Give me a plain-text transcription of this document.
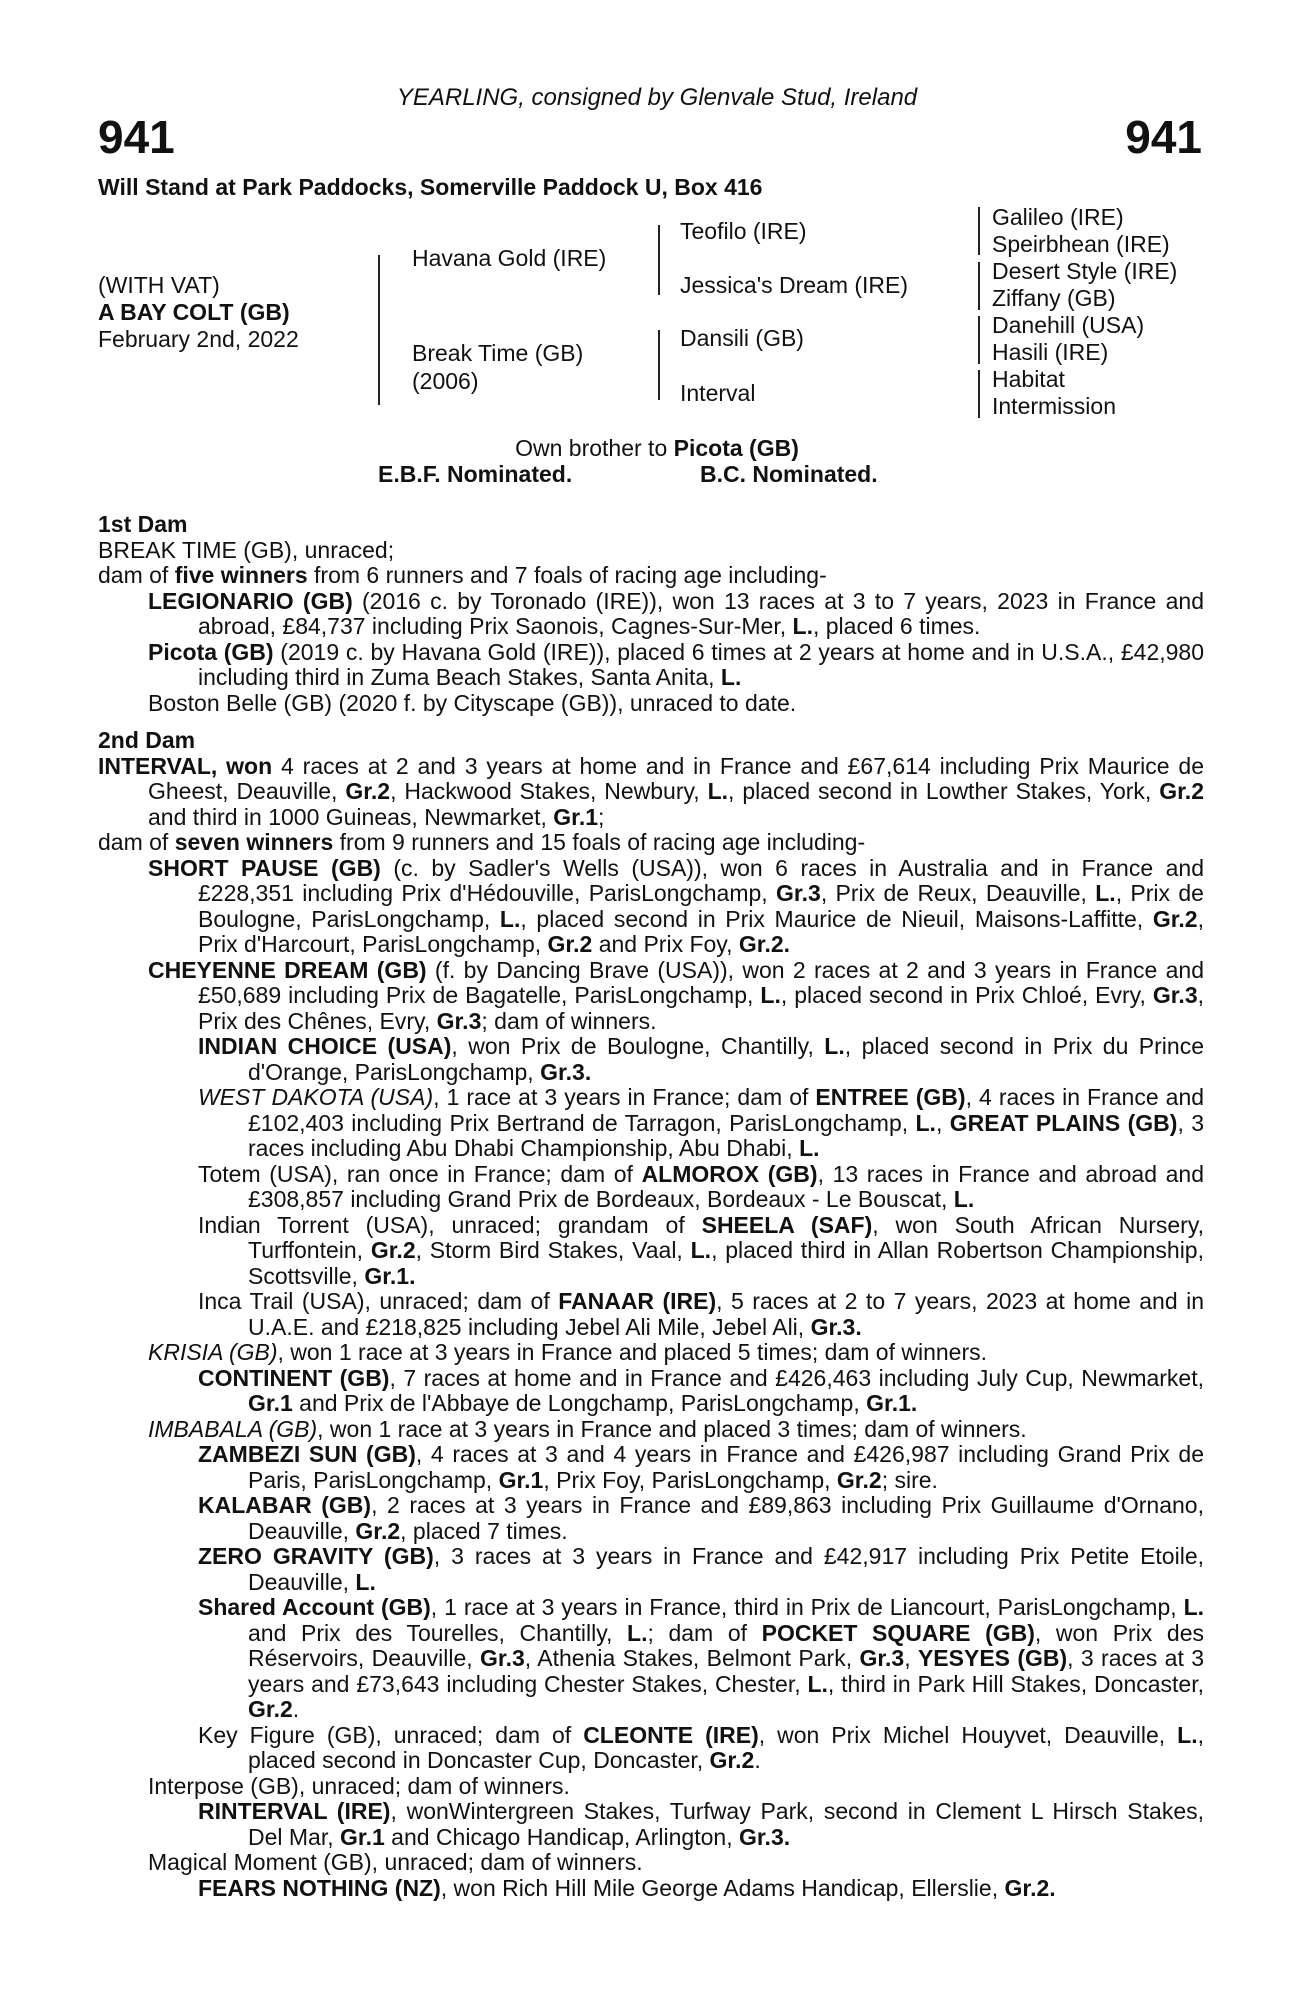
YEARLING, consigned by Glenvale Stud, Ireland
941	941
Will Stand at Park Paddocks, Somerville Paddock U, Box 416
(WITH VAT)
A BAY COLT (GB)
February 2nd, 2022
Havana Gold (IRE)
Break Time (GB)
(2006)
Teofilo (IRE)
Jessica's Dream (IRE)
Dansili (GB)
Interval
Galileo (IRE)
Speirbhean (IRE)
Desert Style (IRE)
Ziffany (GB)
Danehill (USA)
Hasili (IRE)
Habitat
Intermission
Own brother to Picota (GB)
E.B.F. Nominated.	B.C. Nominated.
1st Dam

BREAK TIME (GB), unraced;

dam of five winners from 6 runners and 7 foals of racing age including-

LEGIONARIO (GB) (2016 c. by Toronado (IRE)), won 13 races at 3 to 7 years, 2023 in France and abroad, £84,737 including Prix Saonois, Cagnes-Sur-Mer, L., placed 6 times.

Picota (GB) (2019 c. by Havana Gold (IRE)), placed 6 times at 2 years at home and in U.S.A., £42,980 including third in Zuma Beach Stakes, Santa Anita, L.

Boston Belle (GB) (2020 f. by Cityscape (GB)), unraced to date.

2nd Dam

INTERVAL, won 4 races at 2 and 3 years at home and in France and £67,614 including Prix Maurice de Gheest, Deauville, Gr.2, Hackwood Stakes, Newbury, L., placed second in Lowther Stakes, York, Gr.2 and third in 1000 Guineas, Newmarket, Gr.1;

dam of seven winners from 9 runners and 15 foals of racing age including-

SHORT PAUSE (GB) (c. by Sadler's Wells (USA)), won 6 races in Australia and in France and £228,351 including Prix d'Hédouville, ParisLongchamp, Gr.3, Prix de Reux, Deauville, L., Prix de Boulogne, ParisLongchamp, L., placed second in Prix Maurice de Nieuil, Maisons-Laffitte, Gr.2, Prix d'Harcourt, ParisLongchamp, Gr.2 and Prix Foy, Gr.2.

CHEYENNE DREAM (GB) (f. by Dancing Brave (USA)), won 2 races at 2 and 3 years in France and £50,689 including Prix de Bagatelle, ParisLongchamp, L., placed second in Prix Chloé, Evry, Gr.3, Prix des Chênes, Evry, Gr.3; dam of winners.

INDIAN CHOICE (USA), won Prix de Boulogne, Chantilly, L., placed second in Prix du Prince d'Orange, ParisLongchamp, Gr.3.

WEST DAKOTA (USA), 1 race at 3 years in France; dam of ENTREE (GB), 4 races in France and £102,403 including Prix Bertrand de Tarragon, ParisLongchamp, L., GREAT PLAINS (GB), 3 races including Abu Dhabi Championship, Abu Dhabi, L.

Totem (USA), ran once in France; dam of ALMOROX (GB), 13 races in France and abroad and £308,857 including Grand Prix de Bordeaux, Bordeaux - Le Bouscat, L.

Indian Torrent (USA), unraced; grandam of SHEELA (SAF), won South African Nursery, Turffontein, Gr.2, Storm Bird Stakes, Vaal, L., placed third in Allan Robertson Championship, Scottsville, Gr.1.

Inca Trail (USA), unraced; dam of FANAAR (IRE), 5 races at 2 to 7 years, 2023 at home and in U.A.E. and £218,825 including Jebel Ali Mile, Jebel Ali, Gr.3.

KRISIA (GB), won 1 race at 3 years in France and placed 5 times; dam of winners.

CONTINENT (GB), 7 races at home and in France and £426,463 including July Cup, Newmarket, Gr.1 and Prix de l'Abbaye de Longchamp, ParisLongchamp, Gr.1.

IMBABALA (GB), won 1 race at 3 years in France and placed 3 times; dam of winners.

ZAMBEZI SUN (GB), 4 races at 3 and 4 years in France and £426,987 including Grand Prix de Paris, ParisLongchamp, Gr.1, Prix Foy, ParisLongchamp, Gr.2; sire.

KALABAR (GB), 2 races at 3 years in France and £89,863 including Prix Guillaume d'Ornano, Deauville, Gr.2, placed 7 times.

ZERO GRAVITY (GB), 3 races at 3 years in France and £42,917 including Prix Petite Etoile, Deauville, L.

Shared Account (GB), 1 race at 3 years in France, third in Prix de Liancourt, ParisLongchamp, L. and Prix des Tourelles, Chantilly, L.; dam of POCKET SQUARE (GB), won Prix des Réservoirs, Deauville, Gr.3, Athenia Stakes, Belmont Park, Gr.3, YESYES (GB), 3 races at 3 years and £73,643 including Chester Stakes, Chester, L., third in Park Hill Stakes, Doncaster, Gr.2.

Key Figure (GB), unraced; dam of CLEONTE (IRE), won Prix Michel Houyvet, Deauville, L., placed second in Doncaster Cup, Doncaster, Gr.2.

Interpose (GB), unraced; dam of winners.

RINTERVAL (IRE), wonWintergreen Stakes, Turfway Park, second in Clement L Hirsch Stakes, Del Mar, Gr.1 and Chicago Handicap, Arlington, Gr.3.

Magical Moment (GB), unraced; dam of winners.

FEARS NOTHING (NZ), won Rich Hill Mile George Adams Handicap, Ellerslie, Gr.2.
